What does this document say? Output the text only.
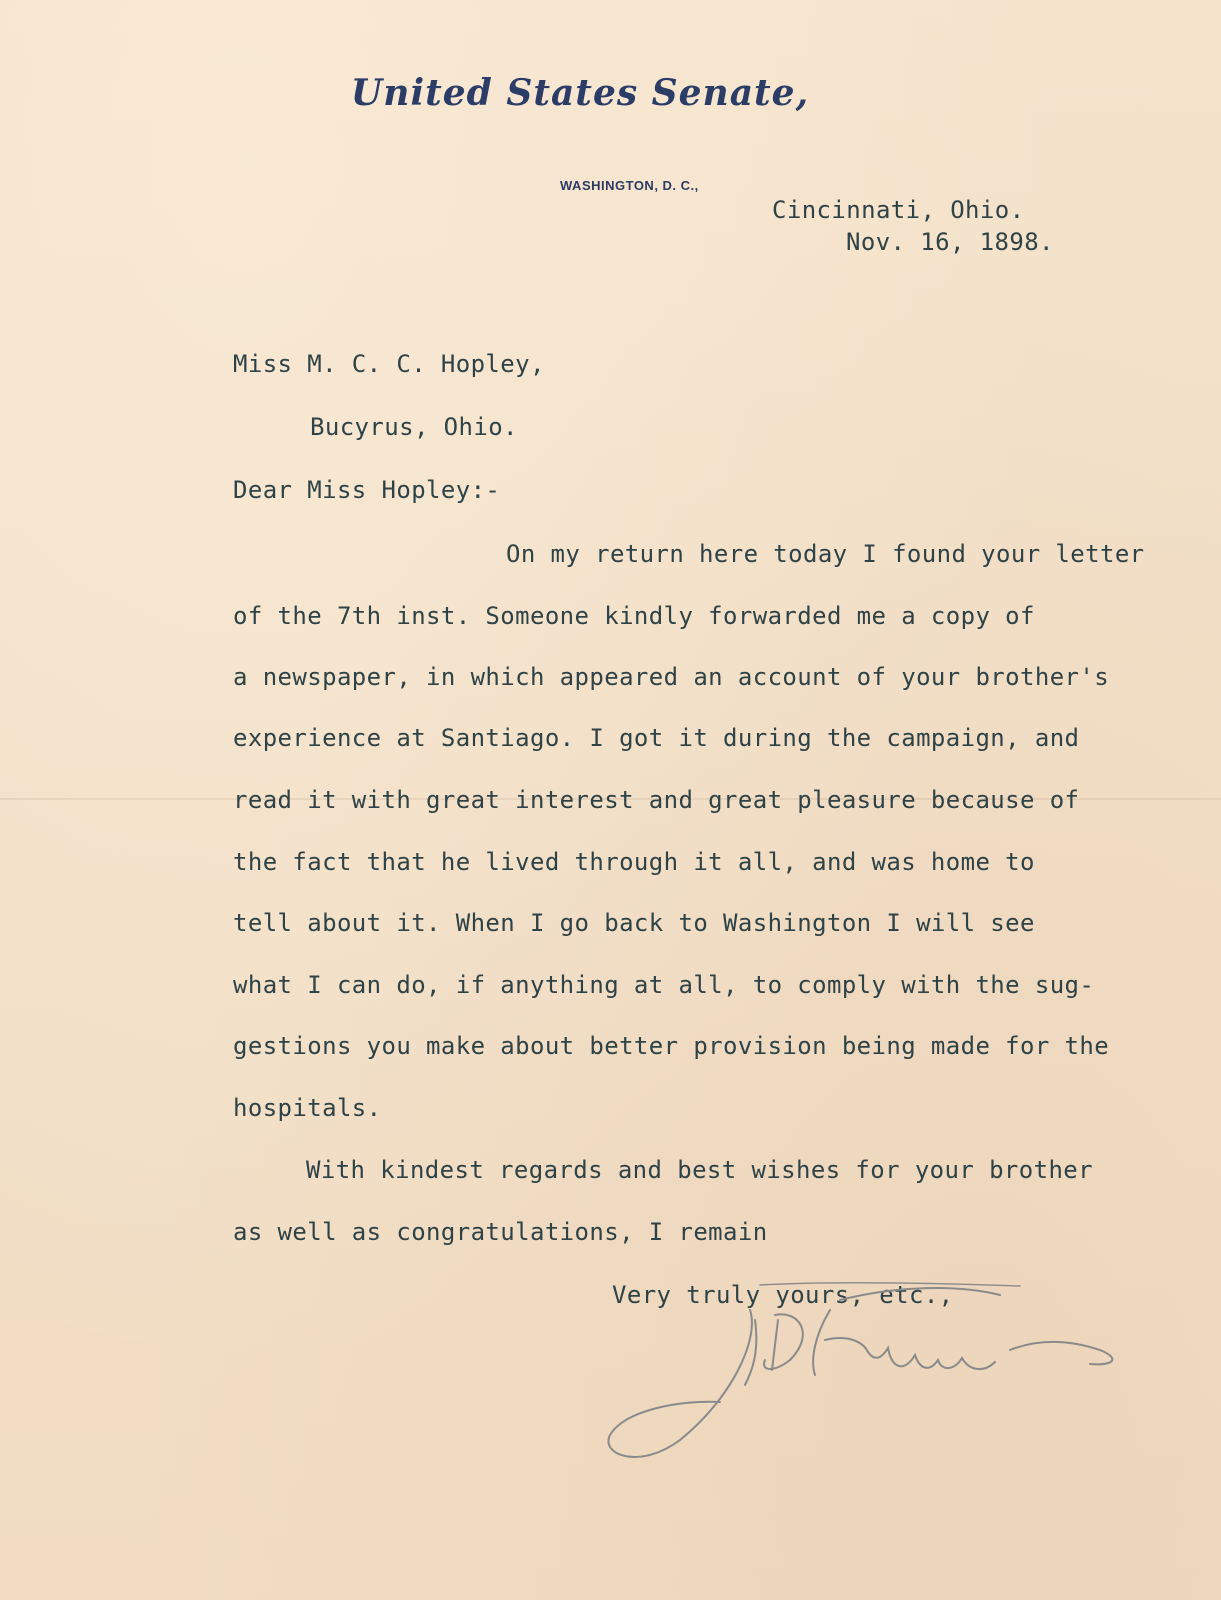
United States Senate,
WASHINGTON, D. C.,
Cincinnati, Ohio.
Nov. 16, 1898.
Miss M. C. C. Hopley,
Bucyrus, Ohio.
Dear Miss Hopley:-
On my return here today I found your letter
of the 7th inst. Someone kindly forwarded me a copy of
a newspaper, in which appeared an account of your brother's
experience at Santiago. I got it during the campaign, and
read it with great interest and great pleasure because of
the fact that he lived through it all, and was home to
tell about it. When I go back to Washington I will see
what I can do, if anything at all, to comply with the sug-
gestions you make about better provision being made for the
hospitals.
With kindest regards and best wishes for your brother
as well as congratulations, I remain
Very truly yours, etc.,
